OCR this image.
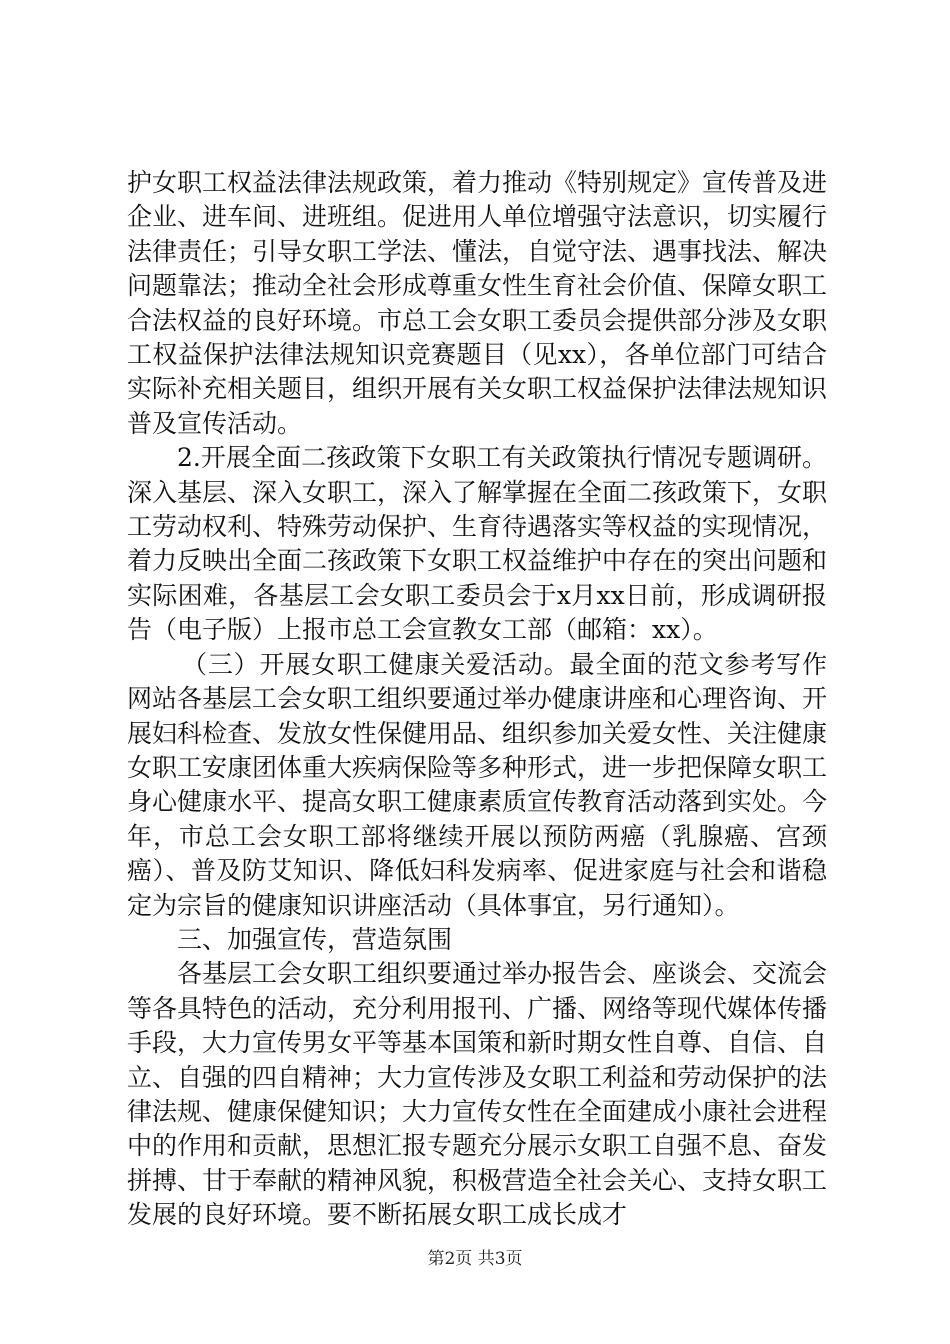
护女职工权益法律法规政策，着力推动《特别规定》宣传普及进企业、进车间、进班组。促进用人单位增强守法意识，切实履行法律责任；引导女职工学法、懂法，自觉守法、遇事找法、解决问题靠法；推动全社会形成尊重女性生育社会价值、保障女职工合法权益的良好环境。市总工会女职工委员会提供部分涉及女职工权益保护法律法规知识竞赛题目（见xx），各单位部门可结合实际补充相关题目，组织开展有关女职工权益保护法律法规知识普及宣传活动。

2.开展全面二孩政策下女职工有关政策执行情况专题调研。深入基层、深入女职工，深入了解掌握在全面二孩政策下，女职工劳动权利、特殊劳动保护、生育待遇落实等权益的实现情况，着力反映出全面二孩政策下女职工权益维护中存在的突出问题和实际困难，各基层工会女职工委员会于x月xx日前，形成调研报告（电子版）上报市总工会宣教女工部（邮箱：xx）。

（三）开展女职工健康关爱活动。最全面的范文参考写作网站各基层工会女职工组织要通过举办健康讲座和心理咨询、开展妇科检查、发放女性保健用品、组织参加关爱女性、关注健康女职工安康团体重大疾病保险等多种形式，进一步把保障女职工身心健康水平、提高女职工健康素质宣传教育活动落到实处。今年，市总工会女职工部将继续开展以预防两癌（乳腺癌、宫颈癌）、普及防艾知识、降低妇科发病率、促进家庭与社会和谐稳定为宗旨的健康知识讲座活动（具体事宜，另行通知）。

三、加强宣传，营造氛围

各基层工会女职工组织要通过举办报告会、座谈会、交流会等各具特色的活动，充分利用报刊、广播、网络等现代媒体传播手段，大力宣传男女平等基本国策和新时期女性自尊、自信、自立、自强的四自精神；大力宣传涉及女职工利益和劳动保护的法律法规、健康保健知识；大力宣传女性在全面建成小康社会进程中的作用和贡献，思想汇报专题充分展示女职工自强不息、奋发拼搏、甘于奉献的精神风貌，积极营造全社会关心、支持女职工发展的良好环境。要不断拓展女职工成长成才

第2页 共3页
